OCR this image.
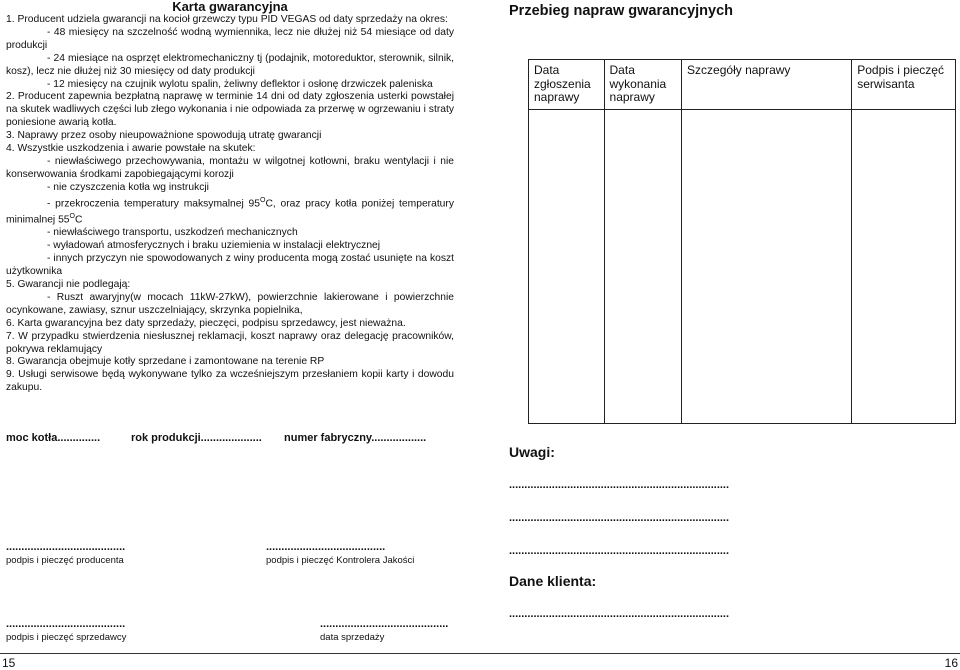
Karta gwarancyjna

1. Producent udziela gwarancji na kocioł grzewczy typu PID VEGAS od daty sprzedaży na okres:

- 48 miesięcy na szczelność wodną wymiennika, lecz nie dłużej niż 54 miesiące od daty produkcji

- 24 miesiące na osprzęt elektromechaniczny tj (podajnik, motoreduktor, sterownik, silnik, kosz), lecz nie dłużej niż 30 miesięcy od daty produkcji

- 12 miesięcy na czujnik wylotu spalin, żeliwny deflektor i osłonę drzwiczek paleniska

2. Producent zapewnia bezpłatną naprawę w terminie 14 dni od daty zgłoszenia usterki powstałej na skutek wadliwych części lub złego wykonania i nie odpowiada za przerwę w ogrzewaniu i straty poniesione awarią kotła.

3. Naprawy przez osoby nieupoważnione spowodują utratę gwarancji

4. Wszystkie uszkodzenia i awarie powstałe na skutek:

- niewłaściwego przechowywania, montażu w wilgotnej kotłowni, braku wentylacji i nie konserwowania środkami zapobiegającymi korozji

- nie czyszczenia kotła wg instrukcji

- przekroczenia temperatury maksymalnej $95^OC$, oraz pracy kotła poniżej temperatury minimalnej $55^OC$

- niewłaściwego transportu, uszkodzeń mechanicznych

- wyładowań atmosferycznych i braku uziemienia w instalacji elektrycznej

- innych przyczyn nie spowodowanych z winy producenta mogą zostać usunięte na koszt użytkownika

5. Gwarancji nie podlegają:

- Ruszt awaryjny(w mocach 11kW-27kW), powierzchnie lakierowane i powierzchnie ocynkowane, zawiasy, sznur uszczelniający, skrzynka popielnika,

6. Karta gwarancyjna bez daty sprzedaży, pieczęci, podpisu sprzedawcy, jest nieważna.

7. W przypadku stwierdzenia niesłusznej reklamacji, koszt naprawy oraz delegację pracowników, pokrywa reklamujący

8. Gwarancja obejmuje kotły sprzedane i zamontowane na terenie RP

9. Usługi serwisowe będą wykonywane tylko za wcześniejszym przesłaniem kopii karty i dowodu zakupu.

moc kotła..............	rok produkcji.................... numer fabryczny..................
.......................................
podpis i pieczęć producenta
.......................................
podpis i pieczęć Kontrolera Jakości
.......................................
podpis i pieczęć sprzedawcy
..........................................
data sprzedaży
Przebieg napraw gwarancyjnych
Data zgłoszenia naprawy	Data wykonania naprawy	Szczegóły naprawy	Podpis i pieczęć serwisanta

Uwagi:
........................................................................
........................................................................
........................................................................
Dane klienta:
........................................................................
15	16
